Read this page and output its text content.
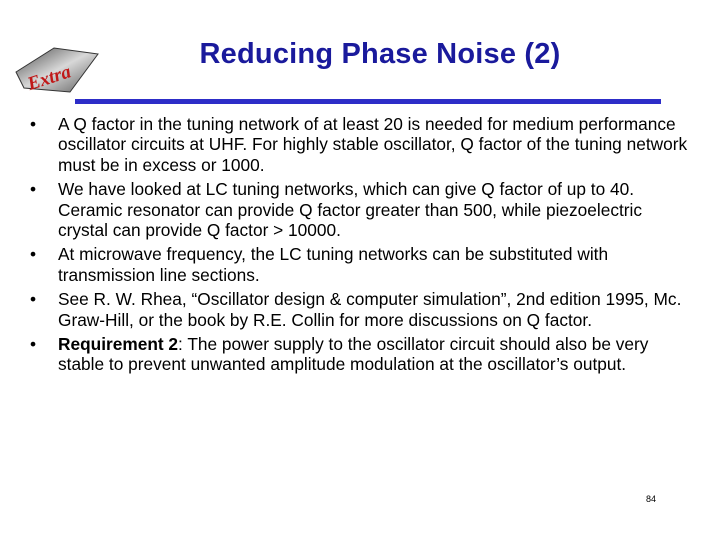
Extra
Reducing Phase Noise (2)
•	A Q factor in the tuning network of at least 20 is needed for medium performance oscillator circuits at UHF. For highly stable oscillator, Q factor of the tuning network must be in excess or 1000.
•	We have looked at LC tuning networks, which can give Q factor of up to 40. Ceramic resonator can provide Q factor greater than 500, while piezoelectric crystal can provide Q factor > 10000.
•	At microwave frequency, the LC tuning networks can be substituted with transmission line sections.
•	See R. W. Rhea, “Oscillator design & computer simulation”, 2nd edition 1995, Mc. Graw-Hill, or the book by R.E. Collin for more discussions on Q factor.
•	Requirement 2: The power supply to the oscillator circuit should also be very stable to prevent unwanted amplitude modulation at the oscillator’s output.
84
